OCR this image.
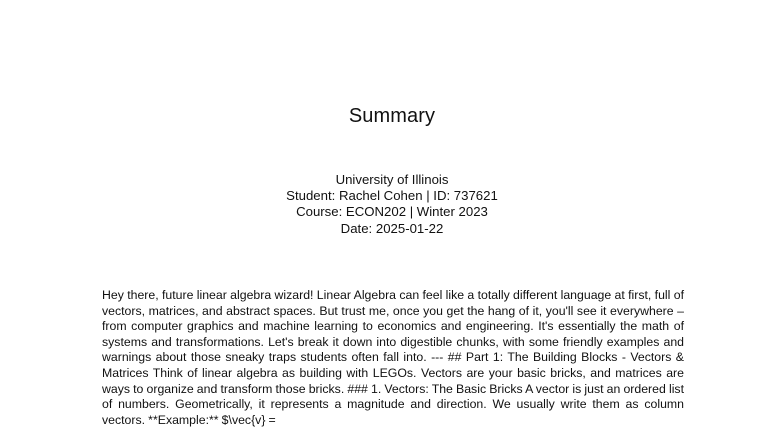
Summary
University of Illinois
Student: Rachel Cohen | ID: 737621
Course: ECON202 | Winter 2023
Date: 2025-01-22
Hey there, future linear algebra wizard! Linear Algebra can feel like a totally different language at first, full of vectors, matrices, and abstract spaces. But trust me, once you get the hang of it, you'll see it everywhere – from computer graphics and machine learning to economics and engineering. It's essentially the math of systems and transformations. Let's break it down into digestible chunks, with some friendly examples and warnings about those sneaky traps students often fall into. --- ## Part 1: The Building Blocks - Vectors & Matrices Think of linear algebra as building with LEGOs. Vectors are your basic bricks, and matrices are ways to organize and transform those bricks. ### 1. Vectors: The Basic Bricks A vector is just an ordered list of numbers. Geometrically, it represents a magnitude and direction. We usually write them as column vectors. **Example:** $\vec{v} =
